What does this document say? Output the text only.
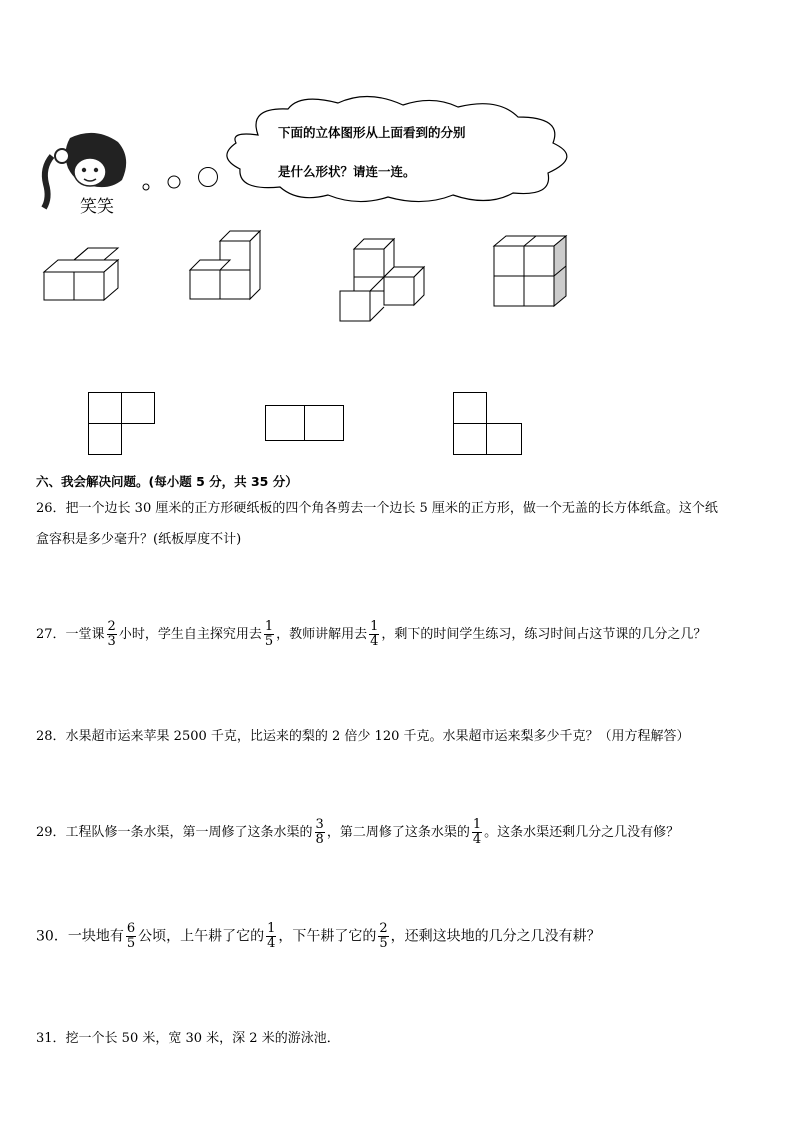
笑笑
下面的立体图形从上面看到的分别
是什么形状？请连一连。
六、我会解决问题。(每小题 5 分，共 35 分）
26．把一个边长 30 厘米的正方形硬纸板的四个角各剪去一个边长 5 厘米的正方形，做一个无盖的长方体纸盒。这个纸
盒容积是多少毫升？(纸板厚度不计)
27．一堂课 $\frac{2}{3}$ 小时，学生自主探究用去 $\frac{1}{5}$ ，教师讲解用去 $\frac{1}{4}$ ，剩下的时间学生练习，练习时间占这节课的几分之几？
28．水果超市运来苹果 2500 千克，比运来的梨的 2 倍少 120 千克。水果超市运来梨多少千克？（用方程解答）
29．工程队修一条水渠，第一周修了这条水渠的 $\frac{3}{8}$ ，第二周修了这条水渠的 $\frac{1}{4}$ 。这条水渠还剩几分之几没有修？
30．一块地有 $\frac{6}{5}$ 公顷，上午耕了它的 $\frac{1}{4}$ ，下午耕了它的 $\frac{2}{5}$ ，还剩这块地的几分之几没有耕？
31．挖一个长 50 米，宽 30 米，深 2 米的游泳池．
